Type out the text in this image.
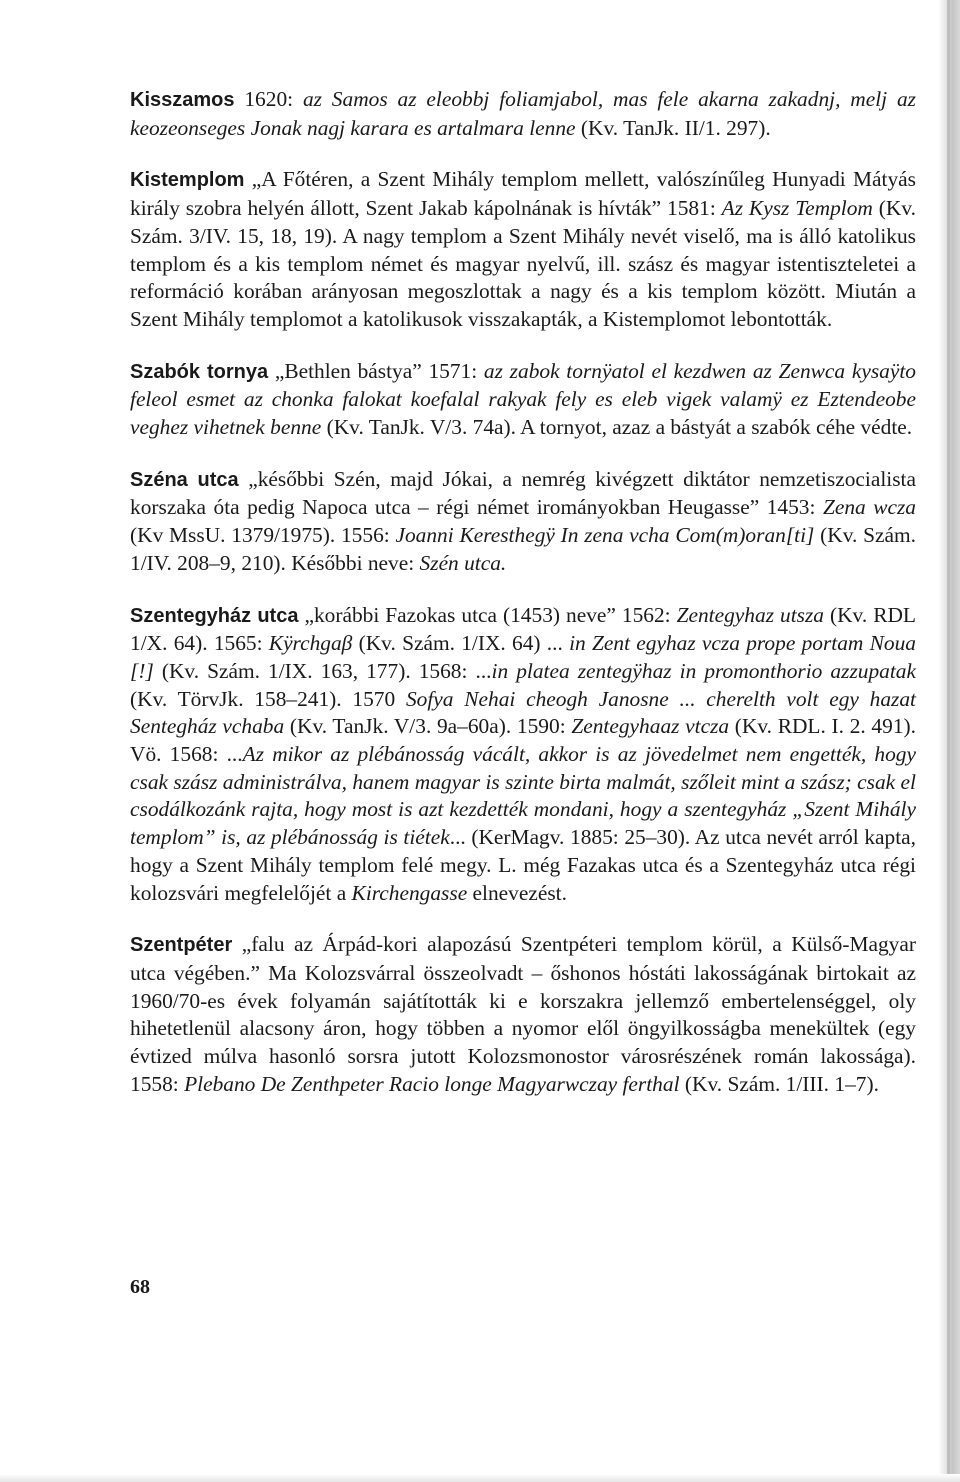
Kisszamos 1620: az Samos az eleobbj foliamjabol, mas fele akarna zakadnj, melj az keozeonseges Jonak nagj karara es artalmara lenne (Kv. TanJk. II/1. 297).

Kistemplom „A Főtéren, a Szent Mihály templom mellett, valószínűleg Hunyadi Mátyás király szobra helyén állott, Szent Jakab kápolnának is hívták” 1581: Az Kysz Templom (Kv. Szám. 3/IV. 15, 18, 19). A nagy templom a Szent Mihály nevét viselő, ma is álló katolikus templom és a kis templom német és magyar nyelvű, ill. szász és magyar istentiszteletei a reformáció korában arányosan megoszlottak a nagy és a kis templom között. Miután a Szent Mihály templomot a katolikusok visszakapták, a Kistemplomot lebontották.

Szabók tornya „Bethlen bástya” 1571: az zabok tornÿatol el kezdwen az Zenwca kysaÿto feleol esmet az chonka falokat koefalal rakyak fely es eleb vigek valamÿ ez Eztendeobe veghez vihetnek benne (Kv. TanJk. V/3. 74a). A tornyot, azaz a bástyát a szabók céhe védte.

Széna utca „későbbi Szén, majd Jókai, a nemrég kivégzett diktátor nemzetiszocialista korszaka óta pedig Napoca utca – régi német irományokban Heugasse” 1453: Zena wcza (Kv MssU. 1379/1975). 1556: Joanni Keresthegÿ In zena vcha Com(m)oran[ti] (Kv. Szám. 1/IV. 208–9, 210). Későbbi neve: Szén utca.

Szentegyház utca „korábbi Fazokas utca (1453) neve” 1562: Zentegyhaz utsza (Kv. RDL 1/X. 64). 1565: Kÿrchgaβ (Kv. Szám. 1/IX. 64) ... in Zent egyhaz vcza prope portam Noua [!] (Kv. Szám. 1/IX. 163, 177). 1568: ...in platea zentegÿhaz in promonthorio azzupatak (Kv. TörvJk. 158–241). 1570 Sofya Nehai cheogh Janosne ... cherelth volt egy hazat Sentegház vchaba (Kv. TanJk. V/3. 9a–60a). 1590: Zentegyhaaz vtcza (Kv. RDL. I. 2. 491). Vö. 1568: ...Az mikor az plébánosság vácált, akkor is az jövedelmet nem engették, hogy csak szász administrálva, hanem magyar is szinte birta malmát, szőleit mint a szász; csak el csodálkozánk rajta, hogy most is azt kezdették mondani, hogy a szentegyház „Szent Mihály templom” is, az plébánosság is tiétek... (KerMagv. 1885: 25–30). Az utca nevét arról kapta, hogy a Szent Mihály templom felé megy. L. még Fazakas utca és a Szentegyház utca régi kolozsvári megfelelőjét a Kirchengasse elnevezést.

Szentpéter „falu az Árpád-kori alapozású Szentpéteri templom körül, a Külső-Magyar utca végében.” Ma Kolozsvárral összeolvadt – őshonos hóstáti lakosságának birtokait az 1960/70-es évek folyamán sajátították ki e korszakra jellemző embertelenséggel, oly hihetetlenül alacsony áron, hogy többen a nyomor elől öngyilkosságba menekültek (egy évtized múlva hasonló sorsra jutott Kolozsmonostor városrészének román lakossága). 1558: Plebano De Zenthpeter Racio longe Magyarwczay ferthal (Kv. Szám. 1/III. 1–7).

68
